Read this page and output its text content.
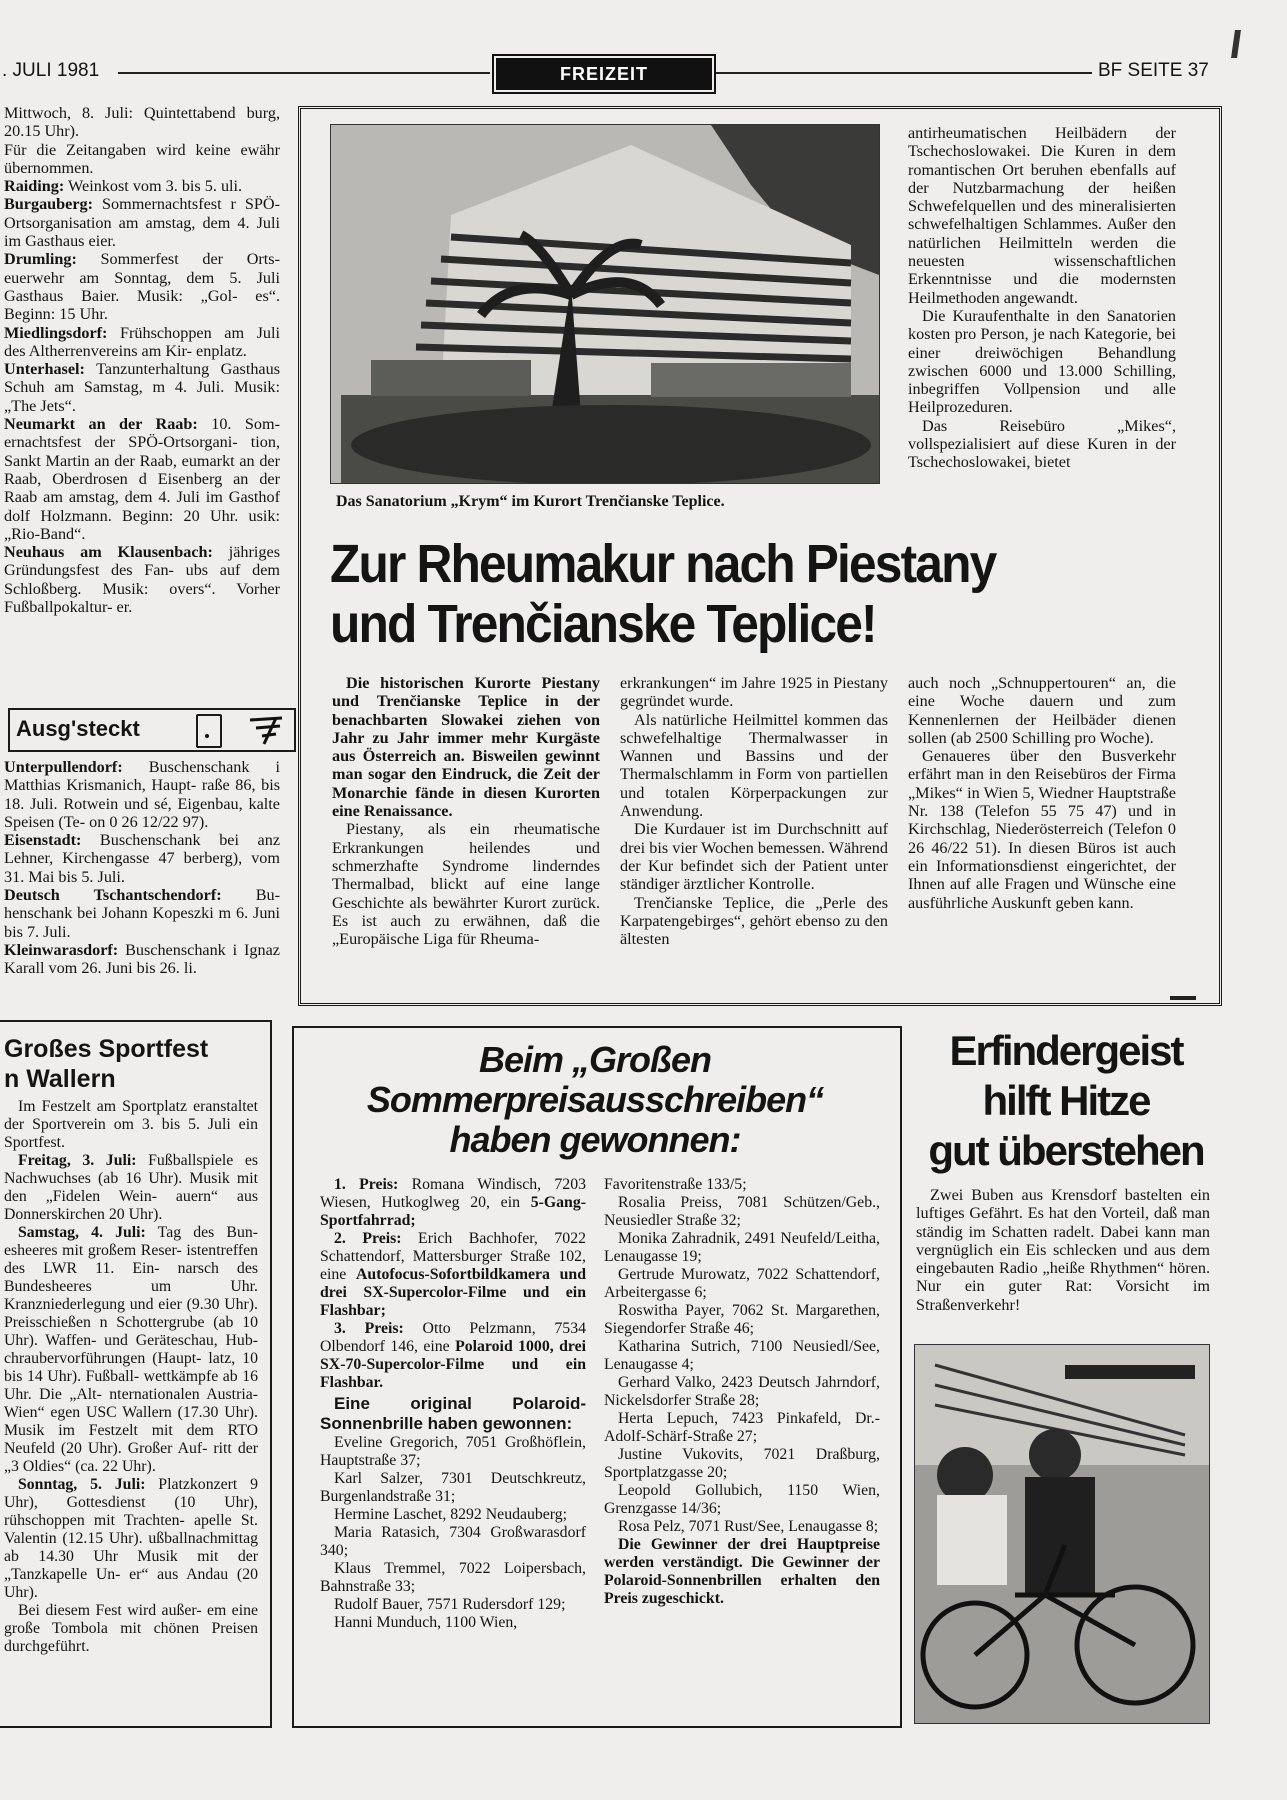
. JULI 1981	FREIZEIT	BF SEITE 37

Mittwoch, 8. Juli: Quintettabend burg, 20.15 Uhr).

Für die Zeitangaben wird keine ewähr übernommen.

Raiding: Weinkost vom 3. bis 5. uli.

Burgauberg: Sommernachtsfest r SPÖ-Ortsorganisation am amstag, dem 4. Juli im Gasthaus eier.

Drumling: Sommerfest der Orts- euerwehr am Sonntag, dem 5. Juli Gasthaus Baier. Musik: „Gol- es“. Beginn: 15 Uhr.

Miedlingsdorf: Frühschoppen am Juli des Altherrenvereins am Kir- enplatz.

Unterhasel: Tanzunterhaltung Gasthaus Schuh am Samstag, m 4. Juli. Musik: „The Jets“.

Neumarkt an der Raab: 10. Som- ernachtsfest der SPÖ-Ortsorgani- tion, Sankt Martin an der Raab, eumarkt an der Raab, Oberdrosen d Eisenberg an der Raab am amstag, dem 4. Juli im Gasthof dolf Holzmann. Beginn: 20 Uhr. usik: „Rio-Band“.

Neuhaus am Klausenbach: jähriges Gründungsfest des Fan- ubs auf dem Schloßberg. Musik: overs“. Vorher Fußballpokaltur- er.

Ausg'steckt

Unterpullendorf: Buschenschank i Matthias Krismanich, Haupt- raße 86, bis 18. Juli. Rotwein und sé, Eigenbau, kalte Speisen (Te- on 0 26 12/22 97).

Eisenstadt: Buschenschank bei anz Lehner, Kirchengasse 47 berberg), vom 31. Mai bis 5. Juli.

Deutsch Tschantschendorf: Bu- henschank bei Johann Kopeszki m 6. Juni bis 7. Juli.

Kleinwarasdorf: Buschenschank i Ignaz Karall vom 26. Juni bis 26. li.

Großes Sportfest
n Wallern

Im Festzelt am Sportplatz eranstaltet der Sportverein om 3. bis 5. Juli ein Sportfest.

Freitag, 3. Juli: Fußballspiele es Nachwuchses (ab 16 Uhr). Musik mit den „Fidelen Wein- auern“ aus Donnerskirchen 20 Uhr).

Samstag, 4. Juli: Tag des Bun- esheeres mit großem Reser- istentreffen des LWR 11. Ein- narsch des Bundesheeres um Uhr. Kranzniederlegung und eier (9.30 Uhr). Preisschießen n Schottergrube (ab 10 Uhr). Waffen- und Geräteschau, Hub- chraubervorführungen (Haupt- latz, 10 bis 14 Uhr). Fußball- wettkämpfe ab 16 Uhr. Die „Alt- nternationalen Austria-Wien“ egen USC Wallern (17.30 Uhr). Musik im Festzelt mit dem RTO Neufeld (20 Uhr). Großer Auf- ritt der „3 Oldies“ (ca. 22 Uhr).

Sonntag, 5. Juli: Platzkonzert 9 Uhr), Gottesdienst (10 Uhr), rühschoppen mit Trachten- apelle St. Valentin (12.15 Uhr). ußballnachmittag ab 14.30 Uhr Musik mit der „Tanzkapelle Un- er“ aus Andau (20 Uhr).

Bei diesem Fest wird außer- em eine große Tombola mit chönen Preisen durchgeführt.

Das Sanatorium „Krym“ im Kurort Trenčianske Teplice.

antirheumatischen Heilbädern der Tschechoslowakei. Die Kuren in dem romantischen Ort beruhen ebenfalls auf der Nutzbarmachung der heißen Schwefelquellen und des mineralisierten schwefelhaltigen Schlammes. Außer den natürlichen Heilmitteln werden die neuesten wissenschaftlichen Erkenntnisse und die modernsten Heilmethoden angewandt.

Die Kuraufenthalte in den Sanatorien kosten pro Person, je nach Kategorie, bei einer dreiwöchigen Behandlung zwischen 6000 und 13.000 Schilling, inbegriffen Vollpension und alle Heilprozeduren.

Das Reisebüro „Mikes“, vollspezialisiert auf diese Kuren in der Tschechoslowakei, bietet

Zur Rheumakur nach Piestany
und Trenčianske Teplice!

Die historischen Kurorte Piestany und Trenčianske Teplice in der benachbarten Slowakei ziehen von Jahr zu Jahr immer mehr Kurgäste aus Österreich an. Bisweilen gewinnt man sogar den Eindruck, die Zeit der Monarchie fände in diesen Kurorten eine Renaissance.

Piestany, als ein rheumatische Erkrankungen heilendes und schmerzhafte Syndrome linderndes Thermalbad, blickt auf eine lange Geschichte als bewährter Kurort zurück. Es ist auch zu erwähnen, daß die „Europäische Liga für Rheuma-

erkrankungen“ im Jahre 1925 in Piestany gegründet wurde.

Als natürliche Heilmittel kommen das schwefelhaltige Thermalwasser in Wannen und Bassins und der Thermalschlamm in Form von partiellen und totalen Körperpackungen zur Anwendung.

Die Kurdauer ist im Durchschnitt auf drei bis vier Wochen bemessen. Während der Kur befindet sich der Patient unter ständiger ärztlicher Kontrolle.

Trenčianske Teplice, die „Perle des Karpatengebirges“, gehört ebenso zu den ältesten

auch noch „Schnuppertouren“ an, die eine Woche dauern und zum Kennenlernen der Heilbäder dienen sollen (ab 2500 Schilling pro Woche).

Genaueres über den Busverkehr erfährt man in den Reisebüros der Firma „Mikes“ in Wien 5, Wiedner Hauptstraße Nr. 138 (Telefon 55 75 47) und in Kirchschlag, Niederösterreich (Telefon 0 26 46/22 51). In diesen Büros ist auch ein Informationsdienst eingerichtet, der Ihnen auf alle Fragen und Wünsche eine ausführliche Auskunft geben kann.

Beim „Großen
Sommerpreisausschreiben“
haben gewonnen:

1. Preis: Romana Windisch, 7203 Wiesen, Hutkoglweg 20, ein 5-Gang-Sportfahrrad;

2. Preis: Erich Bachhofer, 7022 Schattendorf, Mattersburger Straße 102, eine Autofocus-Sofortbildkamera und drei SX-Supercolor-Filme und ein Flashbar;

3. Preis: Otto Pelzmann, 7534 Olbendorf 146, eine Polaroid 1000, drei SX-70-Supercolor-Filme und ein Flashbar.

Eine original Polaroid-Sonnenbrille haben gewonnen:

Eveline Gregorich, 7051 Großhöflein, Hauptstraße 37;

Karl Salzer, 7301 Deutschkreutz, Burgenlandstraße 31;

Hermine Laschet, 8292 Neudauberg;

Maria Ratasich, 7304 Großwarasdorf 340;

Klaus Tremmel, 7022 Loipersbach, Bahnstraße 33;

Rudolf Bauer, 7571 Rudersdorf 129;

Hanni Munduch, 1100 Wien,

Favoritenstraße 133/5;

Rosalia Preiss, 7081 Schützen/Geb., Neusiedler Straße 32;

Monika Zahradnik, 2491 Neufeld/Leitha, Lenaugasse 19;

Gertrude Murowatz, 7022 Schattendorf, Arbeitergasse 6;

Roswitha Payer, 7062 St. Margarethen, Siegendorfer Straße 46;

Katharina Sutrich, 7100 Neusiedl/See, Lenaugasse 4;

Gerhard Valko, 2423 Deutsch Jahrndorf, Nickelsdorfer Straße 28;

Herta Lepuch, 7423 Pinkafeld, Dr.-Adolf-Schärf-Straße 27;

Justine Vukovits, 7021 Draßburg, Sportplatzgasse 20;

Leopold Gollubich, 1150 Wien, Grenzgasse 14/36;

Rosa Pelz, 7071 Rust/See, Lenaugasse 8;

Die Gewinner der drei Hauptpreise werden verständigt. Die Gewinner der Polaroid-Sonnenbrillen erhalten den Preis zugeschickt.

Erfindergeist
hilft Hitze
gut überstehen

Zwei Buben aus Krensdorf bastelten ein luftiges Gefährt. Es hat den Vorteil, daß man ständig im Schatten radelt. Dabei kann man vergnüglich ein Eis schlecken und aus dem eingebauten Radio „heiße Rhythmen“ hören. Nur ein guter Rat: Vorsicht im Straßenverkehr!
